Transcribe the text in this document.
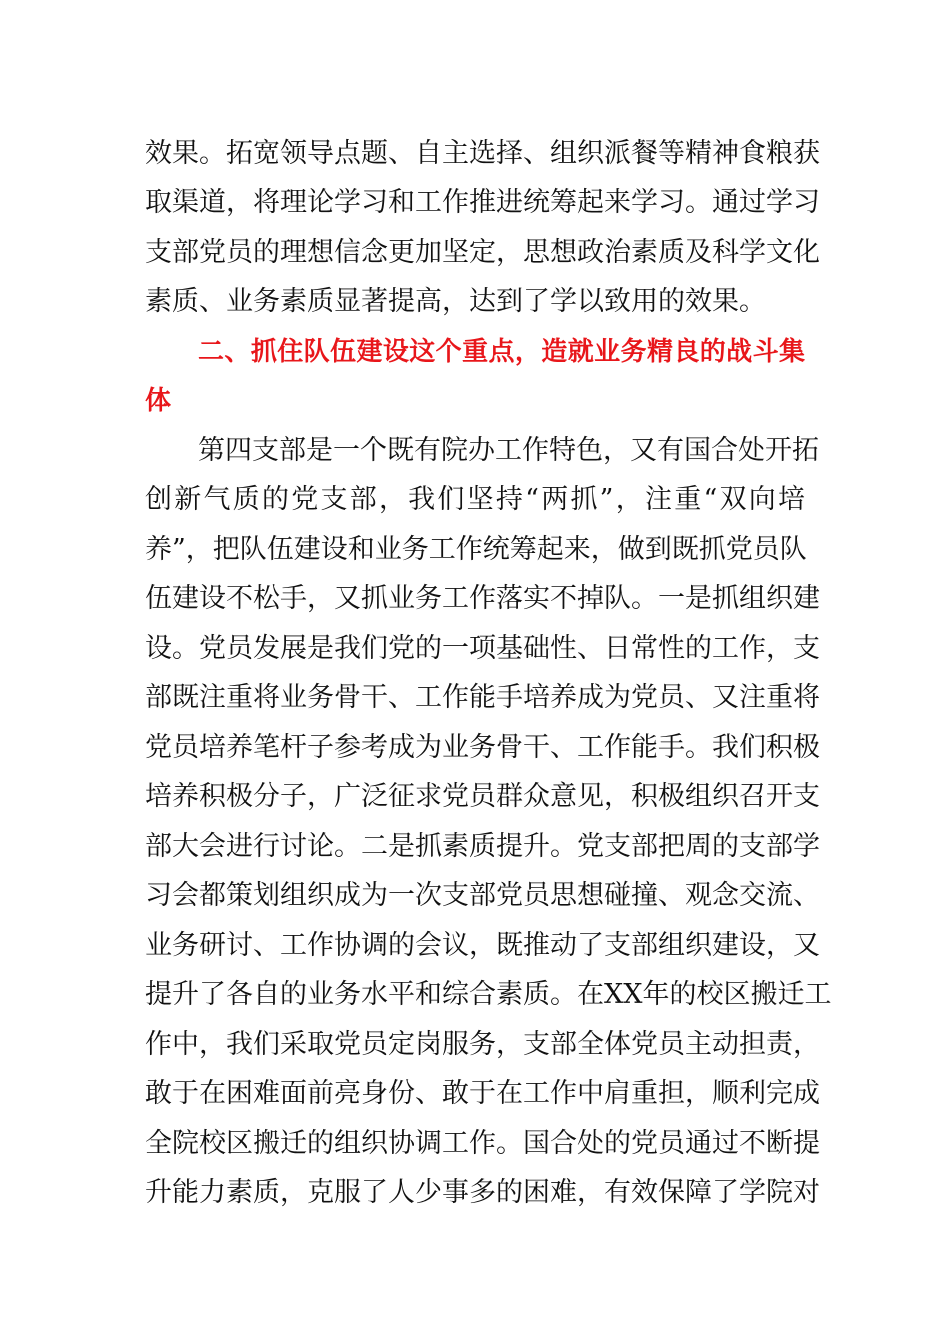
效果。拓宽领导点题、自主选择、组织派餐等精神食粮获
取渠道，将理论学习和工作推进统筹起来学习。通过学习
支部党员的理想信念更加坚定，思想政治素质及科学文化
素质、业务素质显著提高，达到了学以致用的效果。
二、抓住队伍建设这个重点，造就业务精良的战斗集
体
第四支部是一个既有院办工作特色，又有国合处开拓
创新气质的党支部，我们坚持“两抓”，注重“双向培
养”，把队伍建设和业务工作统筹起来，做到既抓党员队
伍建设不松手，又抓业务工作落实不掉队。一是抓组织建
设。党员发展是我们党的一项基础性、日常性的工作，支
部既注重将业务骨干、工作能手培养成为党员、又注重将
党员培养笔杆子参考成为业务骨干、工作能手。我们积极
培养积极分子，广泛征求党员群众意见，积极组织召开支
部大会进行讨论。二是抓素质提升。党支部把周的支部学
习会都策划组织成为一次支部党员思想碰撞、观念交流、
业务研讨、工作协调的会议，既推动了支部组织建设，又
提升了各自的业务水平和综合素质。在XX年的校区搬迁工
作中，我们采取党员定岗服务，支部全体党员主动担责，
敢于在困难面前亮身份、敢于在工作中肩重担，顺利完成
全院校区搬迁的组织协调工作。国合处的党员通过不断提
升能力素质，克服了人少事多的困难，有效保障了学院对
